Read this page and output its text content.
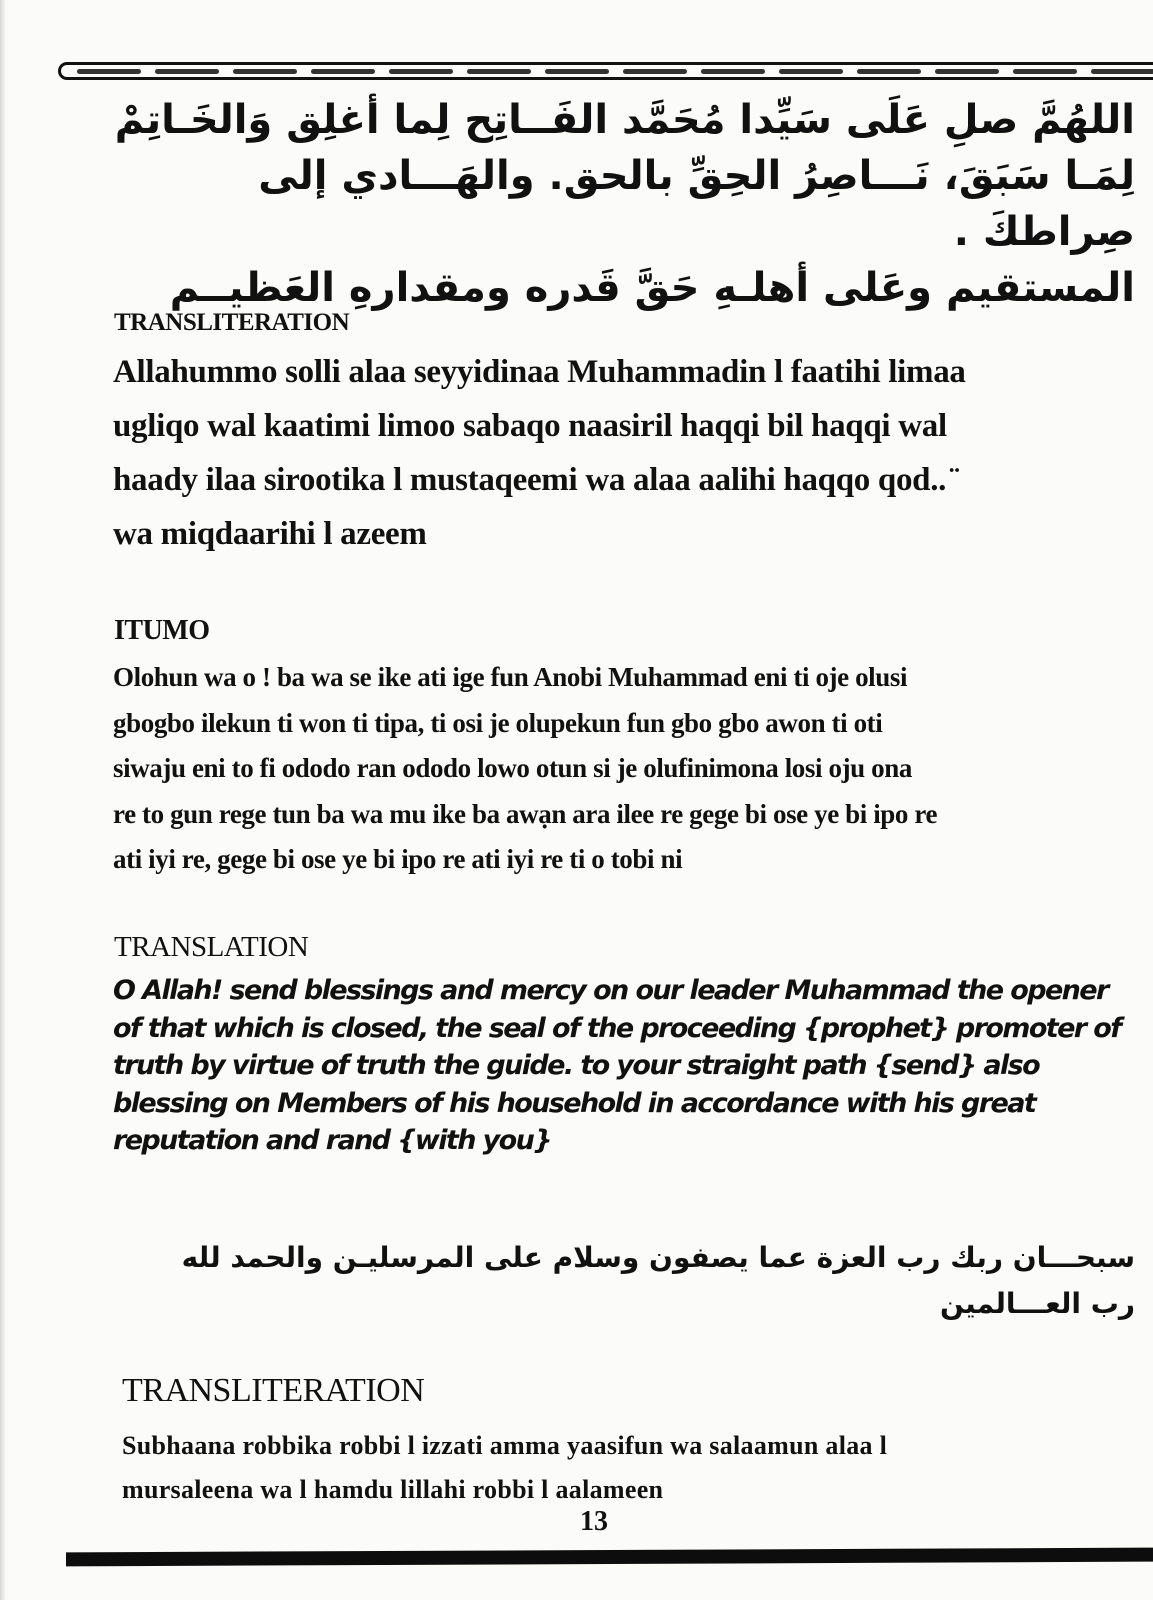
اللهُمَّ صلِ عَلَى سَيِّدا مُحَمَّد الفَــاتِح لِما أغلِق وَالخَـاتِمْ
لِمَـا سَبَقَ، نَـــاصِرُ الحِقِّ بالحق. والهَـــادي إلى صِراطكَ .
المستقيم وعَلى أهلـهِ حَقَّ قَدره ومقدارهِ العَظيــم
TRANSLITERATION
Allahummo solli alaa seyyidinaa Muhammadin l faatihi limaa
ugliqo wal kaatimi limoo sabaqo naasiril haqqi bil haqqi wal
haady ilaa sirootika l mustaqeemi wa alaa aalihi haqqo qod.. ̈
wa miqdaarihi l azeem
ITUMO
Olohun wa o ! ba wa se ike ati ige fun Anobi Muhammad eni ti oje olusi
gbogbo ilekun ti won ti tipa, ti osi je olupekun fun gbo gbo awon ti oti
siwaju eni to fi ododo ran ododo lowo otun si je olufinimona losi oju ona
re to gun rege tun ba wa mu ike ba awạn ara ilee re gege bi ose ye bi ipo re
ati iyi re, gege bi ose ye bi ipo re ati iyi re ti o tobi ni
TRANSLATION
O Allah! send blessings and mercy on our leader Muhammad the opener
of that which is closed, the seal of the proceeding {prophet} promoter of
truth by virtue of truth the guide. to your straight path {send} also
blessing on Members of his household in accordance with his great
reputation and rand {with you}
سبحـــان ربك رب العزة عما يصفون وسلام على المرسليـن والحمد لله
رب العـــالمين
TRANSLITERATION
Subhaana robbika robbi l izzati amma yaasifun wa salaamun alaa l
mursaleena wa l hamdu lillahi robbi l aalameen
13
